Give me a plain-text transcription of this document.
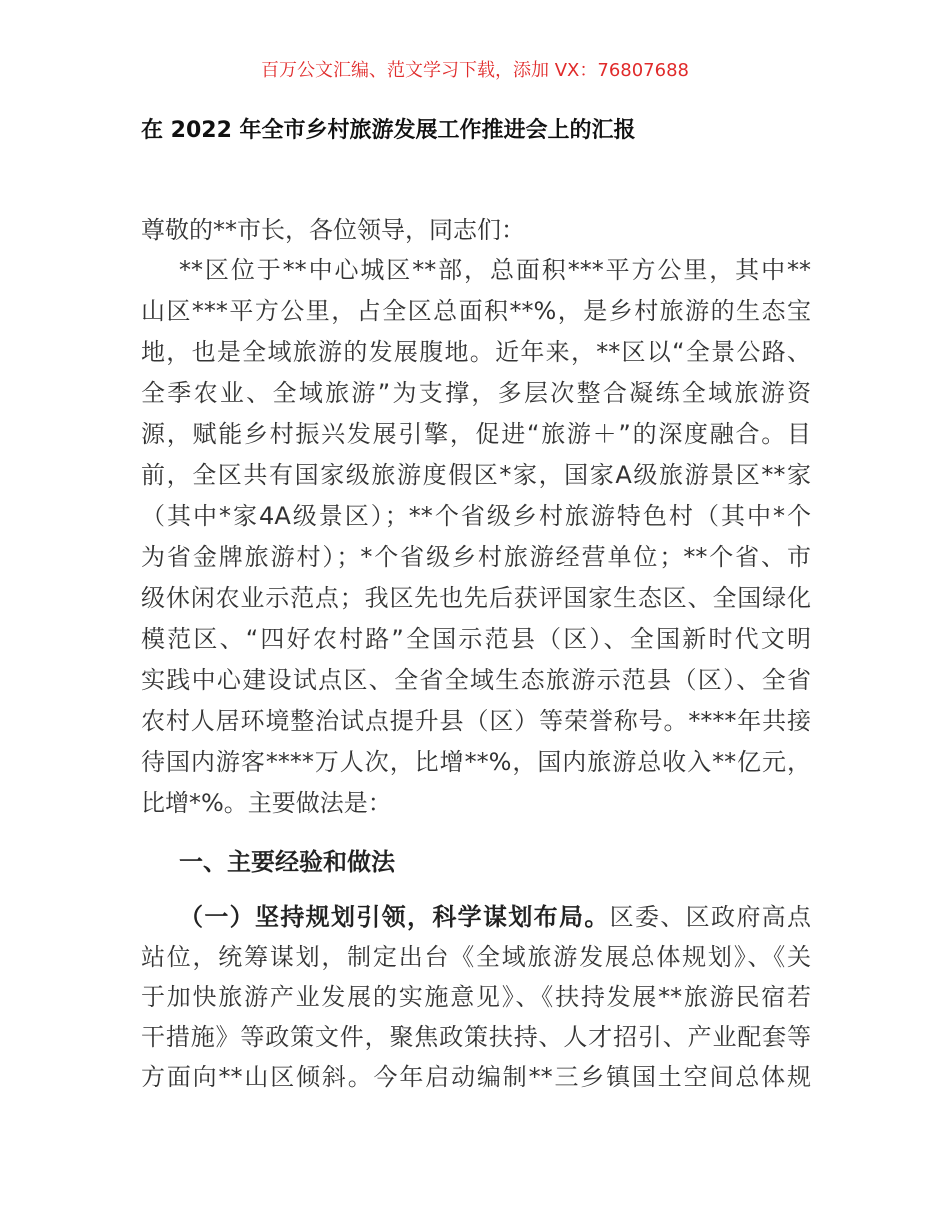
百万公文汇编、范文学习下载，添加 VX：76807688
在 2022 年全市乡村旅游发展工作推进会上的汇报
尊敬的**市长，各位领导，同志们：
**区位于**中心城区**部，总面积***平方公里，其中**
山区***平方公里，占全区总面积**%，是乡村旅游的生态宝
地，也是全域旅游的发展腹地。近年来，**区以“全景公路、
全季农业、全域旅游”为支撑，多层次整合凝练全域旅游资
源，赋能乡村振兴发展引擎，促进“旅游＋”的深度融合。目
前，全区共有国家级旅游度假区*家，国家A级旅游景区**家
（其中*家4A级景区）；**个省级乡村旅游特色村（其中*个
为省金牌旅游村）；*个省级乡村旅游经营单位；**个省、市
级休闲农业示范点；我区先也先后获评国家生态区、全国绿化
模范区、“四好农村路”全国示范县（区）、全国新时代文明
实践中心建设试点区、全省全域生态旅游示范县（区）、全省
农村人居环境整治试点提升县（区）等荣誉称号。****年共接
待国内游客****万人次，比增**%，国内旅游总收入**亿元，
比增*%。主要做法是：
一、主要经验和做法
（一）坚持规划引领，科学谋划布局。区委、区政府高点
站位，统筹谋划，制定出台《全域旅游发展总体规划》、《关
于加快旅游产业发展的实施意见》、《扶持发展**旅游民宿若
干措施》等政策文件，聚焦政策扶持、人才招引、产业配套等
方面向**山区倾斜。今年启动编制**三乡镇国土空间总体规
